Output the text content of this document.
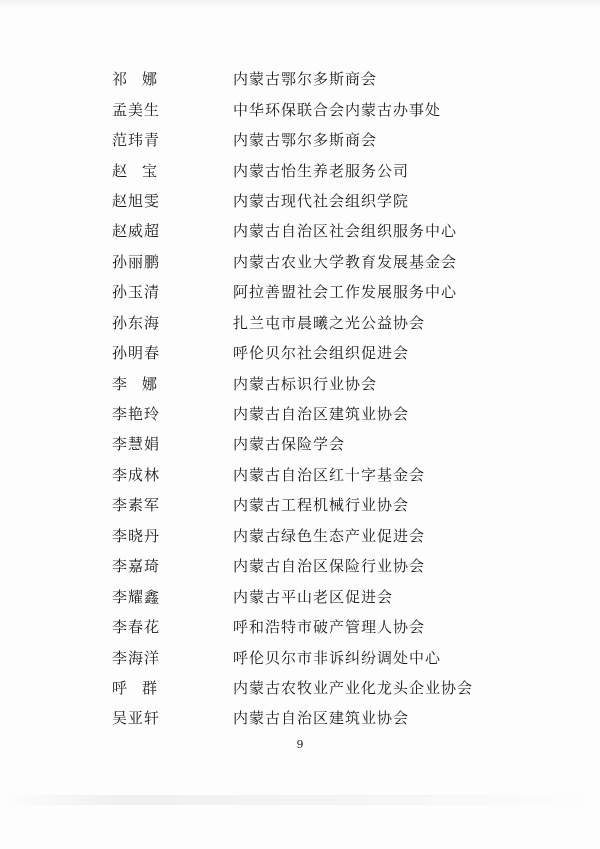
祁娜	内蒙古鄂尔多斯商会
孟美生	中华环保联合会内蒙古办事处
范玮青	内蒙古鄂尔多斯商会
赵宝	内蒙古怡生养老服务公司
赵旭雯	内蒙古现代社会组织学院
赵威超	内蒙古自治区社会组织服务中心
孙丽鹏	内蒙古农业大学教育发展基金会
孙玉清	阿拉善盟社会工作发展服务中心
孙东海	扎兰屯市晨曦之光公益协会
孙明春	呼伦贝尔社会组织促进会
李娜	内蒙古标识行业协会
李艳玲	内蒙古自治区建筑业协会
李慧娟	内蒙古保险学会
李成林	内蒙古自治区红十字基金会
李素军	内蒙古工程机械行业协会
李晓丹	内蒙古绿色生态产业促进会
李嘉琦	内蒙古自治区保险行业协会
李耀鑫	内蒙古平山老区促进会
李春花	呼和浩特市破产管理人协会
李海洋	呼伦贝尔市非诉纠纷调处中心
呼群	内蒙古农牧业产业化龙头企业协会
吴亚轩	内蒙古自治区建筑业协会
9
